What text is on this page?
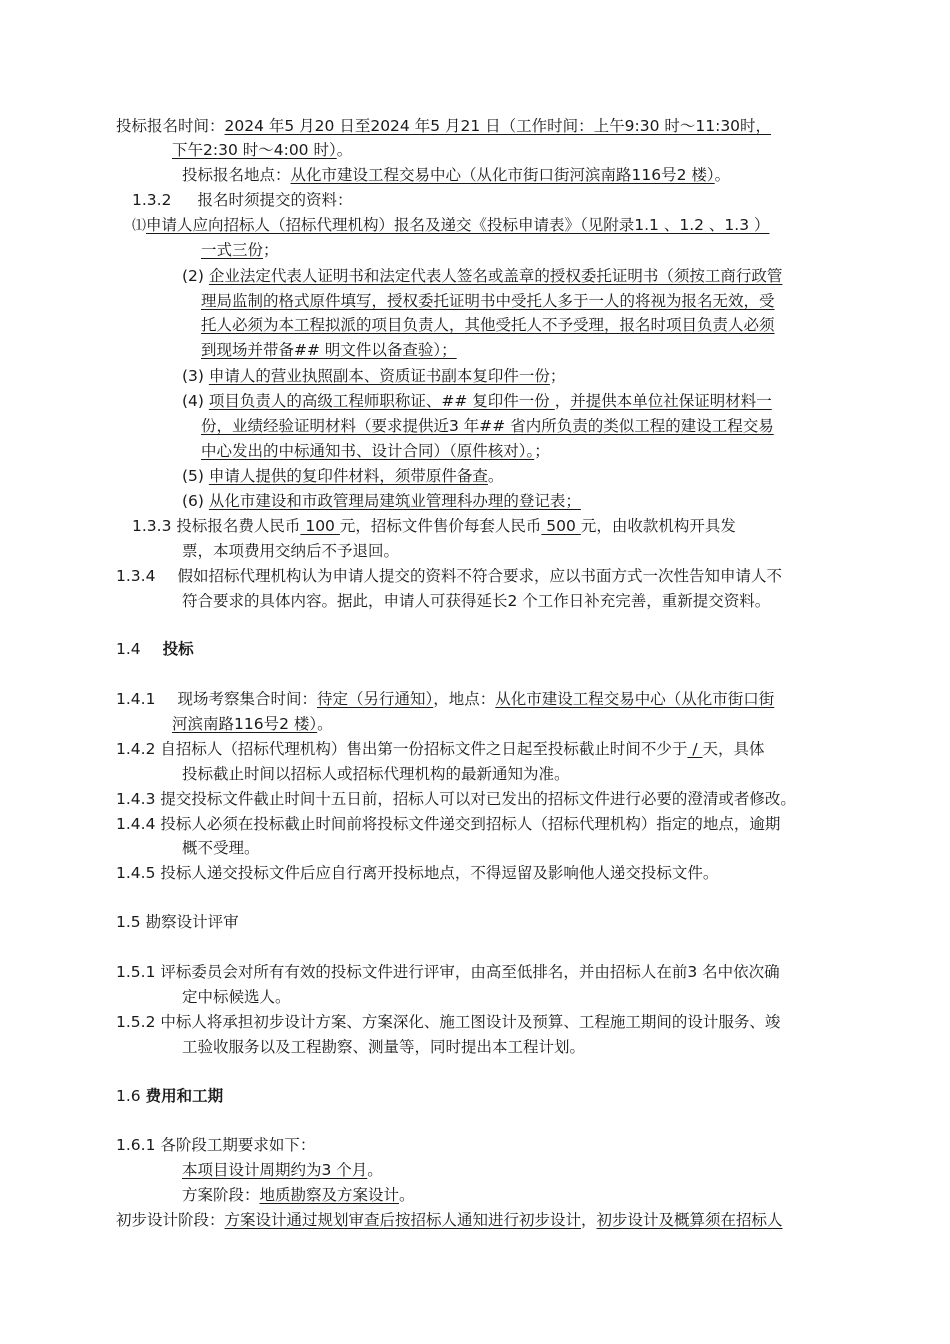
投标报名时间：2024 年5 月20 日至2024 年5 月21 日（工作时间：上午9:30 时～11:30时，
下午2:30 时～4:00 时）。
投标报名地点：从化市建设工程交易中心（从化市街口街河滨南路116号2 楼）。
1.3.2 报名时须提交的资料：
⑴申请人应向招标人（招标代理机构）报名及递交《投标申请表》（见附录1.1 、1.2 、1.3 ）
一式三份；
(2) 企业法定代表人证明书和法定代表人签名或盖章的授权委托证明书（须按工商行政管
理局监制的格式原件填写，授权委托证明书中受托人多于一人的将视为报名无效，受
托人必须为本工程拟派的项目负责人，其他受托人不予受理，报名时项目负责人必须
到现场并带备## 明文件以备查验）；
(3) 申请人的营业执照副本、资质证书副本复印件一份；
(4) 项目负责人的高级工程师职称证、## 复印件一份 ，并提供本单位社保证明材料一
份，业绩经验证明材料（要求提供近3 年## 省内所负责的类似工程的建设工程交易
中心发出的中标通知书、设计合同）（原件核对）。；
(5) 申请人提供的复印件材料，须带原件备查。
(6) 从化市建设和市政管理局建筑业管理科办理的登记表；
1.3.3 投标报名费人民币 100 元，招标文件售价每套人民币 500 元，由收款机构开具发
票，本项费用交纳后不予退回。
1.3.4 假如招标代理机构认为申请人提交的资料不符合要求，应以书面方式一次性告知申请人不
符合要求的具体内容。据此，申请人可获得延长2 个工作日补充完善，重新提交资料。
1.4 投标
1.4.1 现场考察集合时间：待定（另行通知），地点：从化市建设工程交易中心（从化市街口街
河滨南路116号2 楼）。
1.4.2 自招标人（招标代理机构）售出第一份招标文件之日起至投标截止时间不少于 / 天，具体
投标截止时间以招标人或招标代理机构的最新通知为准。
1.4.3 提交投标文件截止时间十五日前，招标人可以对已发出的招标文件进行必要的澄清或者修改。
1.4.4 投标人必须在投标截止时间前将投标文件递交到招标人（招标代理机构）指定的地点，逾期
概不受理。
1.4.5 投标人递交投标文件后应自行离开投标地点，不得逗留及影响他人递交投标文件。
1.5 勘察设计评审
1.5.1 评标委员会对所有有效的投标文件进行评审，由高至低排名，并由招标人在前3 名中依次确
定中标候选人。
1.5.2 中标人将承担初步设计方案、方案深化、施工图设计及预算、工程施工期间的设计服务、竣
工验收服务以及工程勘察、测量等，同时提出本工程计划。
1.6 费用和工期
1.6.1 各阶段工期要求如下：
本项目设计周期约为3 个月。
方案阶段：地质勘察及方案设计。
初步设计阶段：方案设计通过规划审查后按招标人通知进行初步设计，初步设计及概算须在招标人
